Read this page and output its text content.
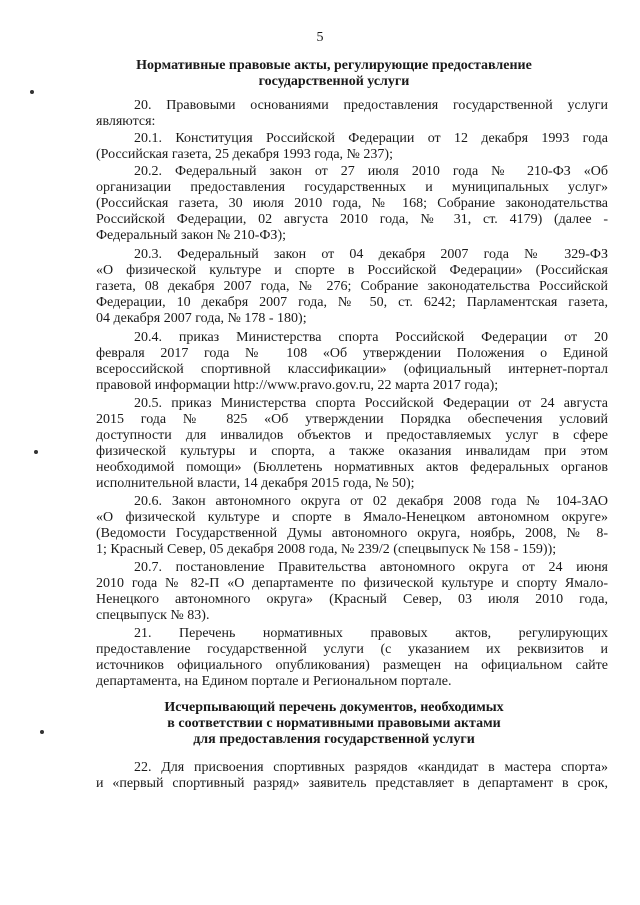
5
Нормативные правовые акты, регулирующие предоставление
государственной услуги
20. Правовыми основаниями предоставления государственной услуги
являются:
20.1. Конституция Российской Федерации от 12 декабря 1993 года
(Российская газета, 25 декабря 1993 года, № 237);
20.2. Федеральный закон от 27 июля 2010 года № 210-ФЗ «Об
организации предоставления государственных и муниципальных услуг»
(Российская газета, 30 июля 2010 года, № 168; Собрание законодательства
Российской Федерации, 02 августа 2010 года, № 31, ст. 4179) (далее -
Федеральный закон № 210-ФЗ);
20.3. Федеральный закон от 04 декабря 2007 года № 329-ФЗ
«О физической культуре и спорте в Российской Федерации» (Российская
газета, 08 декабря 2007 года, № 276; Собрание законодательства Российской
Федерации, 10 декабря 2007 года, № 50, ст. 6242; Парламентская газета,
04 декабря 2007 года, № 178 - 180);
20.4. приказ Министерства спорта Российской Федерации от 20
февраля 2017 года № 108 «Об утверждении Положения о Единой
всероссийской спортивной классификации» (официальный интернет-портал
правовой информации http://www.pravo.gov.ru, 22 марта 2017 года);
20.5. приказ Министерства спорта Российской Федерации от 24 августа
2015 года № 825 «Об утверждении Порядка обеспечения условий
доступности для инвалидов объектов и предоставляемых услуг в сфере
физической культуры и спорта, а также оказания инвалидам при этом
необходимой помощи» (Бюллетень нормативных актов федеральных органов
исполнительной власти, 14 декабря 2015 года, № 50);
20.6. Закон автономного округа от 02 декабря 2008 года № 104-ЗАО
«О физической культуре и спорте в Ямало-Ненецком автономном округе»
(Ведомости Государственной Думы автономного округа, ноябрь, 2008, № 8-
1; Красный Север, 05 декабря 2008 года, № 239/2 (спецвыпуск № 158 - 159));
20.7. постановление Правительства автономного округа от 24 июня
2010 года № 82-П «О департаменте по физической культуре и спорту Ямало-
Ненецкого автономного округа» (Красный Север, 03 июля 2010 года,
спецвыпуск № 83).
21. Перечень нормативных правовых актов, регулирующих
предоставление государственной услуги (с указанием их реквизитов и
источников официального опубликования) размещен на официальном сайте
департамента, на Едином портале и Региональном портале.
Исчерпывающий перечень документов, необходимых
в соответствии с нормативными правовыми актами
для предоставления государственной услуги
22. Для присвоения спортивных разрядов «кандидат в мастера спорта»
и «первый спортивный разряд» заявитель представляет в департамент в срок,
